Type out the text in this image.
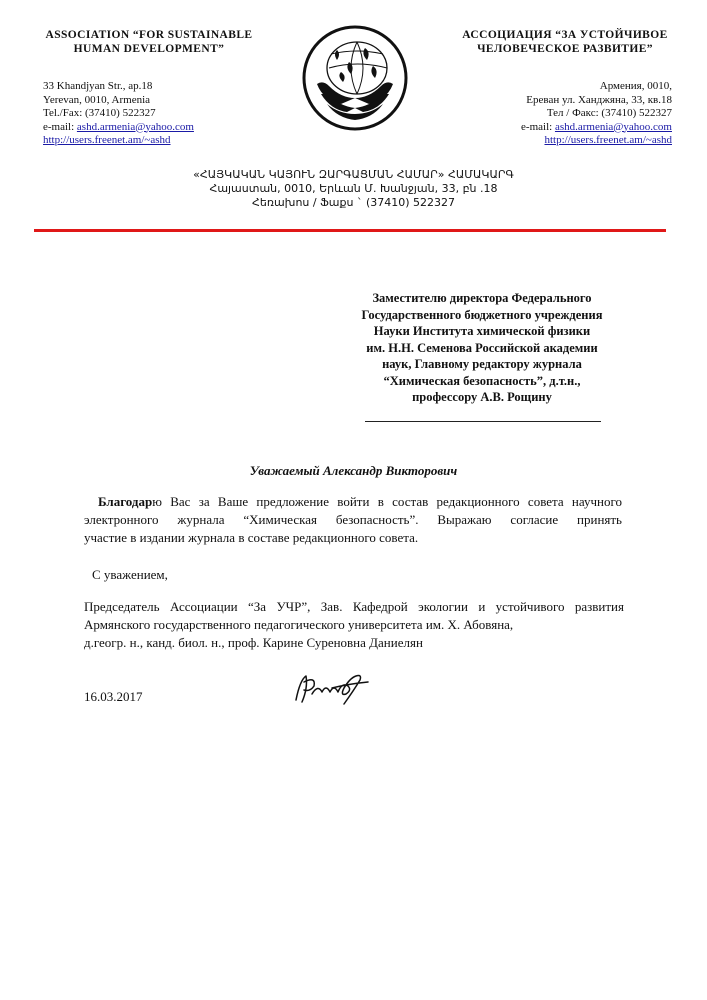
ASSOCIATION “FOR SUSTAINABLE
HUMAN DEVELOPMENT”
33 Khandjyan Str., ap.18
Yerevan, 0010, Armenia
Tel./Fax: (37410) 522327
e-mail: ashd.armenia@yahoo.com
http://users.freenet.am/~ashd
АССОЦИАЦИЯ “ЗА УСТОЙЧИВОЕ
ЧЕЛОВЕЧЕСКОЕ РАЗВИТИЕ”
Армения, 0010,
Ереван ул. Ханджяна, 33, кв.18
Тел / Факс: (37410) 522327
e-mail: ashd.armenia@yahoo.com
http://users.freenet.am/~ashd
«ՀԱՅԿԱԿԱՆ ԿԱՅՈՒՆ ԶԱՐԳԱՑՄԱՆ ՀԱՄԱՐ» ՀԱՄԱԿԱՐԳ
Հայաստան, 0010, Երևան Մ. Խանջյան, 33, բն .18
Հեռախոս / Ֆաքս ` (37410) 522327
Заместителю директора Федерального
Государственного бюджетного учреждения
Науки Института химической физики
им. Н.Н. Семенова Российской академии
наук, Главному редактору журнала
“Химическая безопасность”, д.т.н.,
профессору А.В. Рощину
Уважаемый Александр Викторович
Благодарю Вас за Ваше предложение войти в состав редакционного совета научного
электронного журнала “Химическая безопасность”. Выражаю согласие принять
участие в издании журнала в составе редакционного совета.
С уважением,
Председатель Ассоциации “За УЧР”, Зав. Кафедрой экологии и устойчивого развития
Армянского государственного педагогического университета им. Х. Абовяна,
д.геогр. н., канд. биол. н., проф. Карине Суреновна Даниелян
16.03.2017
